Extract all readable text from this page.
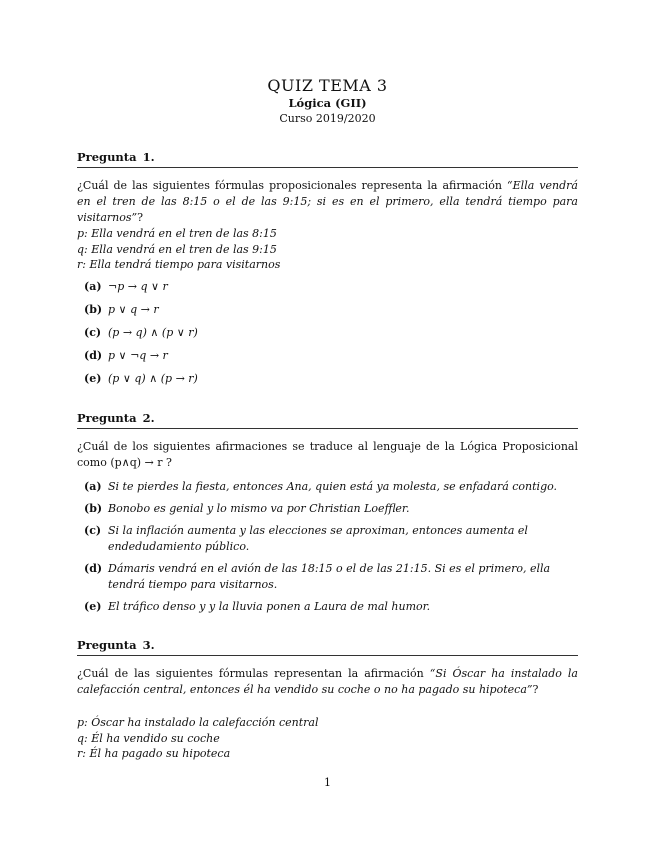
QUIZ TEMA 3
Lógica (GII)
Curso 2019/2020
Pregunta 1.
¿Cuál de las siguientes fórmulas proposicionales representa la afirmación “Ella vendrá en el tren de las 8:15 o el de las 9:15; si es en el primero, ella tendrá tiempo para visitarnos”?
p: Ella vendrá en el tren de las 8:15
q: Ella vendrá en el tren de las 9:15
r: Ella tendrá tiempo para visitarnos
(a) ¬p → q ∨ r
(b) p ∨ q → r
(c) (p → q) ∧ (p ∨ r)
(d) p ∨ ¬q → r
(e) (p ∨ q) ∧ (p → r)
Pregunta 2.
¿Cuál de los siguientes afirmaciones se traduce al lenguaje de la Lógica Proposicional como (p∧q) → r ?
(a) Si te pierdes la fiesta, entonces Ana, quien está ya molesta, se enfadará contigo.
(b) Bonobo es genial y lo mismo va por Christian Loeffler.
(c) Si la inflación aumenta y las elecciones se aproximan, entonces aumenta el endedudamiento público.
(d) Dámaris vendrá en el avión de las 18:15 o el de las 21:15. Si es el primero, ella tendrá tiempo para visitarnos.
(e) El tráfico denso y y la lluvia ponen a Laura de mal humor.
Pregunta 3.
¿Cuál de las siguientes fórmulas representan la afirmación “Si Óscar ha instalado la calefacción central, entonces él ha vendido su coche o no ha pagado su hipoteca”?
p: Óscar ha instalado la calefacción central
q: Él ha vendido su coche
r: Él ha pagado su hipoteca
1
